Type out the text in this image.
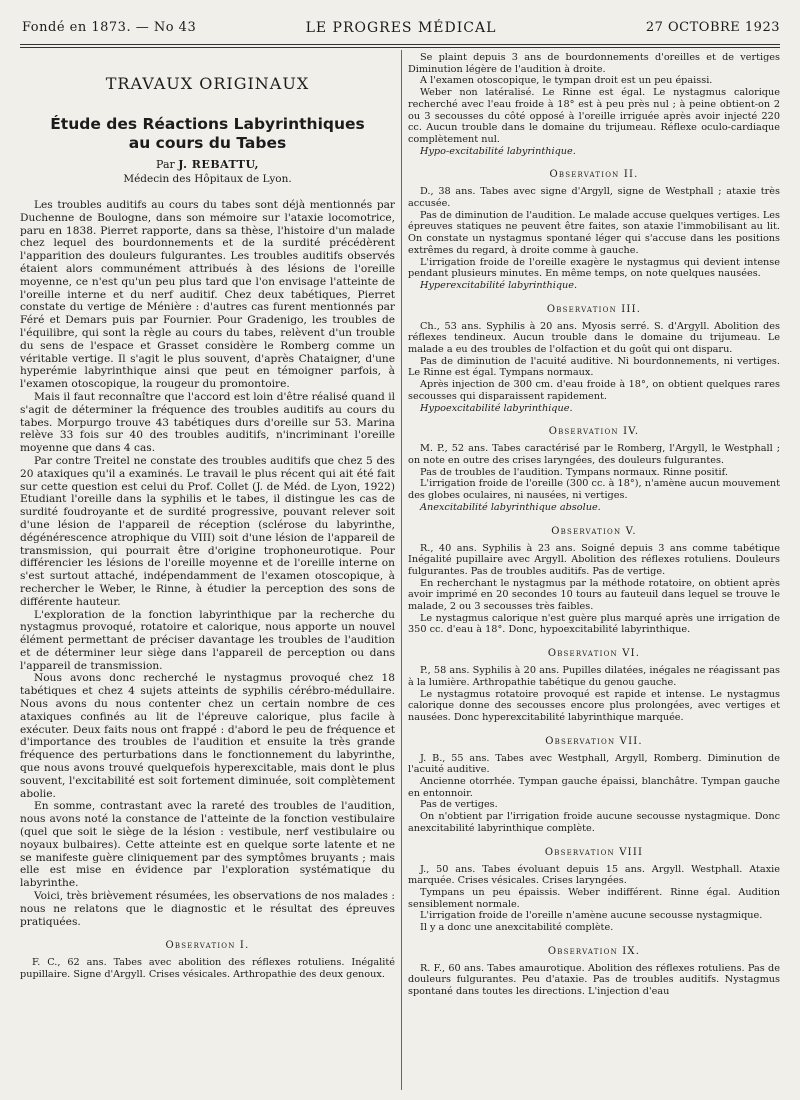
Fondé en 1873. — No 43	LE PROGRES MÉDICAL	27 OCTOBRE 1923
TRAVAUX ORIGINAUX
Étude des Réactions Labyrinthiques
au cours du Tabes
Par J. REBATTU,
Médecin des Hôpitaux de Lyon.

Les troubles auditifs au cours du tabes sont déjà mentionnés par Duchenne de Boulogne, dans son mémoire sur l'ataxie locomotrice, paru en 1838. Pierret rapporte, dans sa thèse, l'histoire d'un malade chez lequel des bourdonnements et de la surdité précédèrent l'apparition des douleurs fulgurantes. Les troubles auditifs observés étaient alors communément attribués à des lésions de l'oreille moyenne, ce n'est qu'un peu plus tard que l'on envisage l'atteinte de l'oreille interne et du nerf auditif. Chez deux tabétiques, Pierret constate du vertige de Ménière : d'autres cas furent mentionnés par Féré et Demars puis par Fournier. Pour Gradenigo, les troubles de l'équilibre, qui sont la règle au cours du tabes, relèvent d'un trouble du sens de l'espace et Grasset considère le Romberg comme un véritable vertige. Il s'agit le plus souvent, d'après Chataigner, d'une hyperémie labyrinthique ainsi que peut en témoigner parfois, à l'examen otoscopique, la rougeur du promontoire.

Mais il faut reconnaître que l'accord est loin d'être réalisé quand il s'agit de déterminer la fréquence des troubles auditifs au cours du tabes. Morpurgo trouve 43 tabétiques durs d'oreille sur 53. Marina relève 33 fois sur 40 des troubles auditifs, n'incriminant l'oreille moyenne que dans 4 cas.

Par contre Treitel ne constate des troubles auditifs que chez 5 des 20 ataxiques qu'il a examinés. Le travail le plus récent qui ait été fait sur cette question est celui du Prof. Collet (J. de Méd. de Lyon, 1922) Etudiant l'oreille dans la syphilis et le tabes, il distingue les cas de surdité foudroyante et de surdité progressive, pouvant relever soit d'une lésion de l'appareil de réception (sclérose du labyrinthe, dégénérescence atrophique du VIII) soit d'une lésion de l'appareil de transmission, qui pourrait être d'origine trophoneurotique. Pour différencier les lésions de l'oreille moyenne et de l'oreille interne on s'est surtout attaché, indépendamment de l'examen otoscopique, à rechercher le Weber, le Rinne, à étudier la perception des sons de différente hauteur.

L'exploration de la fonction labyrinthique par la recherche du nystagmus provoqué, rotatoire et calorique, nous apporte un nouvel élément permettant de préciser davantage les troubles de l'audition et de déterminer leur siège dans l'appareil de perception ou dans l'appareil de transmission.

Nous avons donc recherché le nystagmus provoqué chez 18 tabétiques et chez 4 sujets atteints de syphilis cérébro-médullaire. Nous avons du nous contenter chez un certain nombre de ces ataxiques confinés au lit de l'épreuve calorique, plus facile à exécuter. Deux faits nous ont frappé : d'abord le peu de fréquence et d'importance des troubles de l'audition et ensuite la très grande fréquence des perturbations dans le fonctionnement du labyrinthe, que nous avons trouvé quelquefois hyperexcitable, mais dont le plus souvent, l'excitabilité est soit fortement diminuée, soit complètement abolie.

En somme, contrastant avec la rareté des troubles de l'audition, nous avons noté la constance de l'atteinte de la fonction vestibulaire (quel que soit le siège de la lésion : vestibule, nerf vestibulaire ou noyaux bulbaires). Cette atteinte est en quelque sorte latente et ne se manifeste guère cliniquement par des symptômes bruyants ; mais elle est mise en évidence par l'exploration systématique du labyrinthe.

Voici, très brièvement résumées, les observations de nos malades : nous ne relatons que le diagnostic et le résultat des épreuves pratiquées.

Observation I.

F. C., 62 ans. Tabes avec abolition des réflexes rotuliens. Inégalité pupillaire. Signe d'Argyll. Crises vésicales. Arthropathie des deux genoux.

Se plaint depuis 3 ans de bourdonnements d'oreilles et de vertiges Diminution légère de l'audition à droite.

A l'examen otoscopique, le tympan droit est un peu épaissi.

Weber non latéralisé. Le Rinne est égal. Le nystagmus calorique recherché avec l'eau froide à 18° est à peu près nul ; à peine obtient-on 2 ou 3 secousses du côté opposé à l'oreille irriguée après avoir injecté 220 cc. Aucun trouble dans le domaine du trijumeau. Réflexe oculo-cardiaque complètement nul.

Hypo-excitabilité labyrinthique.

Observation II.

D., 38 ans. Tabes avec signe d'Argyll, signe de Westphall ; ataxie très accusée.

Pas de diminution de l'audition. Le malade accuse quelques vertiges. Les épreuves statiques ne peuvent être faites, son ataxie l'immobilisant au lit. On constate un nystagmus spontané léger qui s'accuse dans les positions extrêmes du regard, à droite comme à gauche.

L'irrigation froide de l'oreille exagère le nystagmus qui devient intense pendant plusieurs minutes. En même temps, on note quelques nausées.

Hyperexcitabilité labyrinthique.

Observation III.

Ch., 53 ans. Syphilis à 20 ans. Myosis serré. S. d'Argyll. Abolition des réflexes tendineux. Aucun trouble dans le domaine du trijumeau. Le malade a eu des troubles de l'olfaction et du goût qui ont disparu.

Pas de diminution de l'acuité auditive. Ni bourdonnements, ni vertiges. Le Rinne est égal. Tympans normaux.

Après injection de 300 cm. d'eau froide à 18°, on obtient quelques rares secousses qui disparaissent rapidement.

Hypoexcitabilité labyrinthique.

Observation IV.

M. P., 52 ans. Tabes caractérisé par le Romberg, l'Argyll, le Westphall ; on note en outre des crises laryngées, des douleurs fulgurantes.

Pas de troubles de l'audition. Tympans normaux. Rinne positif.

L'irrigation froide de l'oreille (300 cc. à 18°), n'amène aucun mouvement des globes oculaires, ni nausées, ni vertiges.

Anexcitabilité labyrinthique absolue.

Observation V.

R., 40 ans. Syphilis à 23 ans. Soigné depuis 3 ans comme tabétique Inégalité pupillaire avec Argyll. Abolition des réflexes rotuliens. Douleurs fulgurantes. Pas de troubles auditifs. Pas de vertige.

En recherchant le nystagmus par la méthode rotatoire, on obtient après avoir imprimé en 20 secondes 10 tours au fauteuil dans lequel se trouve le malade, 2 ou 3 secousses très faibles.

Le nystagmus calorique n'est guère plus marqué après une irrigation de 350 cc. d'eau à 18°. Donc, hypoexcitabilité labyrinthique.

Observation VI.

P., 58 ans. Syphilis à 20 ans. Pupilles dilatées, inégales ne réagissant pas à la lumière. Arthropathie tabétique du genou gauche.

Le nystagmus rotatoire provoqué est rapide et intense. Le nystagmus calorique donne des secousses encore plus prolongées, avec vertiges et nausées. Donc hyperexcitabilité labyrinthique marquée.

Observation VII.

J. B., 55 ans. Tabes avec Westphall, Argyll, Romberg. Diminution de l'acuité auditive.

Ancienne otorrhée. Tympan gauche épaissi, blanchâtre. Tympan gauche en entonnoir.

Pas de vertiges.

On n'obtient par l'irrigation froide aucune secousse nystagmique. Donc anexcitabilité labyrinthique complète.

Observation VIII

J., 50 ans. Tabes évoluant depuis 15 ans. Argyll. Westphall. Ataxie marquée. Crises vésicales. Crises laryngées.

Tympans un peu épaissis. Weber indifférent. Rinne égal. Audition sensiblement normale.

L'irrigation froide de l'oreille n'amène aucune secousse nystagmique.

Il y a donc une anexcitabilité complète.

Observation IX.

R. F., 60 ans. Tabes amaurotique. Abolition des réflexes rotuliens. Pas de douleurs fulgurantes. Peu d'ataxie. Pas de troubles auditifs. Nystagmus spontané dans toutes les directions. L'injection d'eau
